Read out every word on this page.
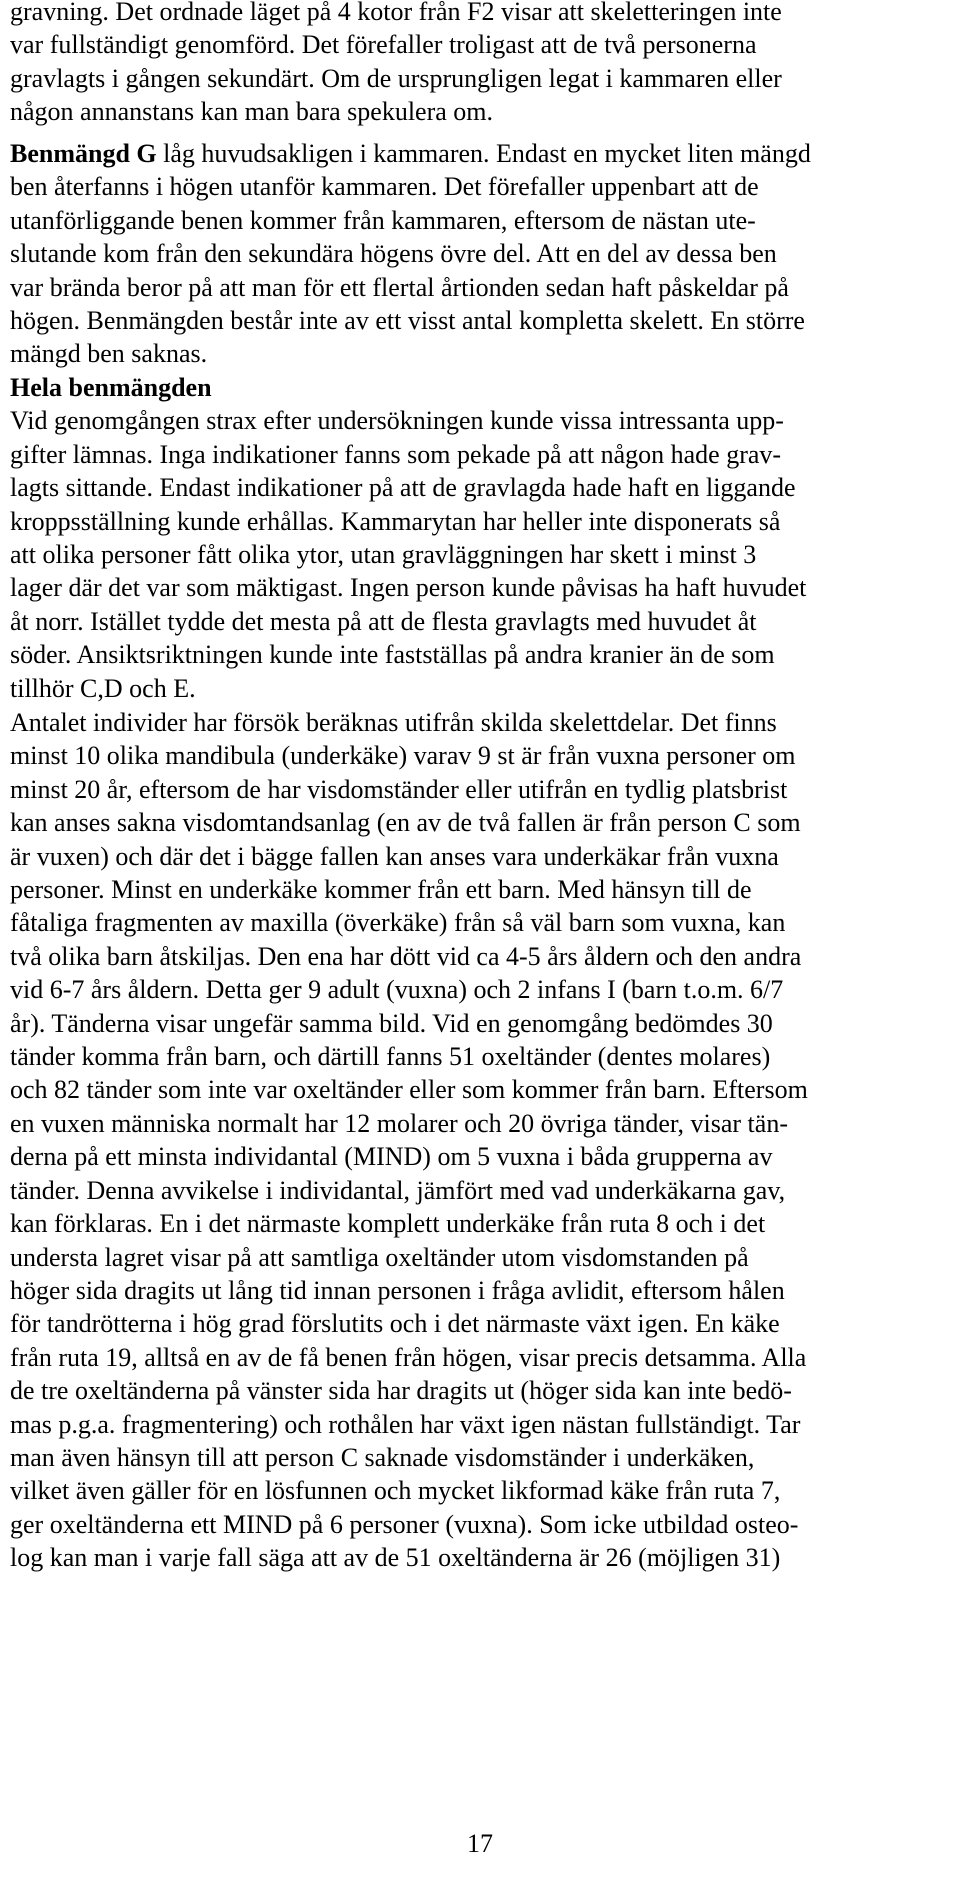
gravning. Det ordnade läget på 4 kotor från F2 visar att skeletteringen inte
var fullständigt genomförd. Det förefaller troligast att de två personerna
gravlagts i gången sekundärt. Om de ursprungligen legat i kammaren eller
någon annanstans kan man bara spekulera om.
Benmängd G låg huvudsakligen i kammaren. Endast en mycket liten mängd
ben återfanns i högen utanför kammaren. Det förefaller uppenbart att de
utanförliggande benen kommer från kammaren, eftersom de nästan ute-
slutande kom från den sekundära högens övre del. Att en del av dessa ben
var brända beror på att man för ett flertal årtionden sedan haft påskeldar på
högen. Benmängden består inte av ett visst antal kompletta skelett. En större
mängd ben saknas.
Hela benmängden
Vid genomgången strax efter undersökningen kunde vissa intressanta upp-
gifter lämnas. Inga indikationer fanns som pekade på att någon hade grav-
lagts sittande. Endast indikationer på att de gravlagda hade haft en liggande
kroppsställning kunde erhållas. Kammarytan har heller inte disponerats så
att olika personer fått olika ytor, utan gravläggningen har skett i minst 3
lager där det var som mäktigast. Ingen person kunde påvisas ha haft huvudet
åt norr. Istället tydde det mesta på att de flesta gravlagts med huvudet åt
söder. Ansiktsriktningen kunde inte fastställas på andra kranier än de som
tillhör C,D och E.
Antalet individer har försök beräknas utifrån skilda skelettdelar. Det finns
minst 10 olika mandibula (underkäke) varav 9 st är från vuxna personer om
minst 20 år, eftersom de har visdomständer eller utifrån en tydlig platsbrist
kan anses sakna visdomtandsanlag (en av de två fallen är från person C som
är vuxen) och där det i bägge fallen kan anses vara underkäkar från vuxna
personer. Minst en underkäke kommer från ett barn. Med hänsyn till de
fåtaliga fragmenten av maxilla (överkäke) från så väl barn som vuxna, kan
två olika barn åtskiljas. Den ena har dött vid ca 4-5 års åldern och den andra
vid 6-7 års åldern. Detta ger 9 adult (vuxna) och 2 infans I (barn t.o.m. 6/7
år). Tänderna visar ungefär samma bild. Vid en genomgång bedömdes 30
tänder komma från barn, och därtill fanns 51 oxeltänder (dentes molares)
och 82 tänder som inte var oxeltänder eller som kommer från barn. Eftersom
en vuxen människa normalt har 12 molarer och 20 övriga tänder, visar tän-
derna på ett minsta individantal (MIND) om 5 vuxna i båda grupperna av
tänder. Denna avvikelse i individantal, jämfört med vad underkäkarna gav,
kan förklaras. En i det närmaste komplett underkäke från ruta 8 och i det
understa lagret visar på att samtliga oxeltänder utom visdomstanden på
höger sida dragits ut lång tid innan personen i fråga avlidit, eftersom hålen
för tandrötterna i hög grad förslutits och i det närmaste växt igen. En käke
från ruta 19, alltså en av de få benen från högen, visar precis detsamma. Alla
de tre oxeltänderna på vänster sida har dragits ut (höger sida kan inte bedö-
mas p.g.a. fragmentering) och rothålen har växt igen nästan fullständigt. Tar
man även hänsyn till att person C saknade visdomständer i underkäken,
vilket även gäller för en lösfunnen och mycket likformad käke från ruta 7,
ger oxeltänderna ett MIND på 6 personer (vuxna). Som icke utbildad osteo-
log kan man i varje fall säga att av de 51 oxeltänderna är 26 (möjligen 31)
17
